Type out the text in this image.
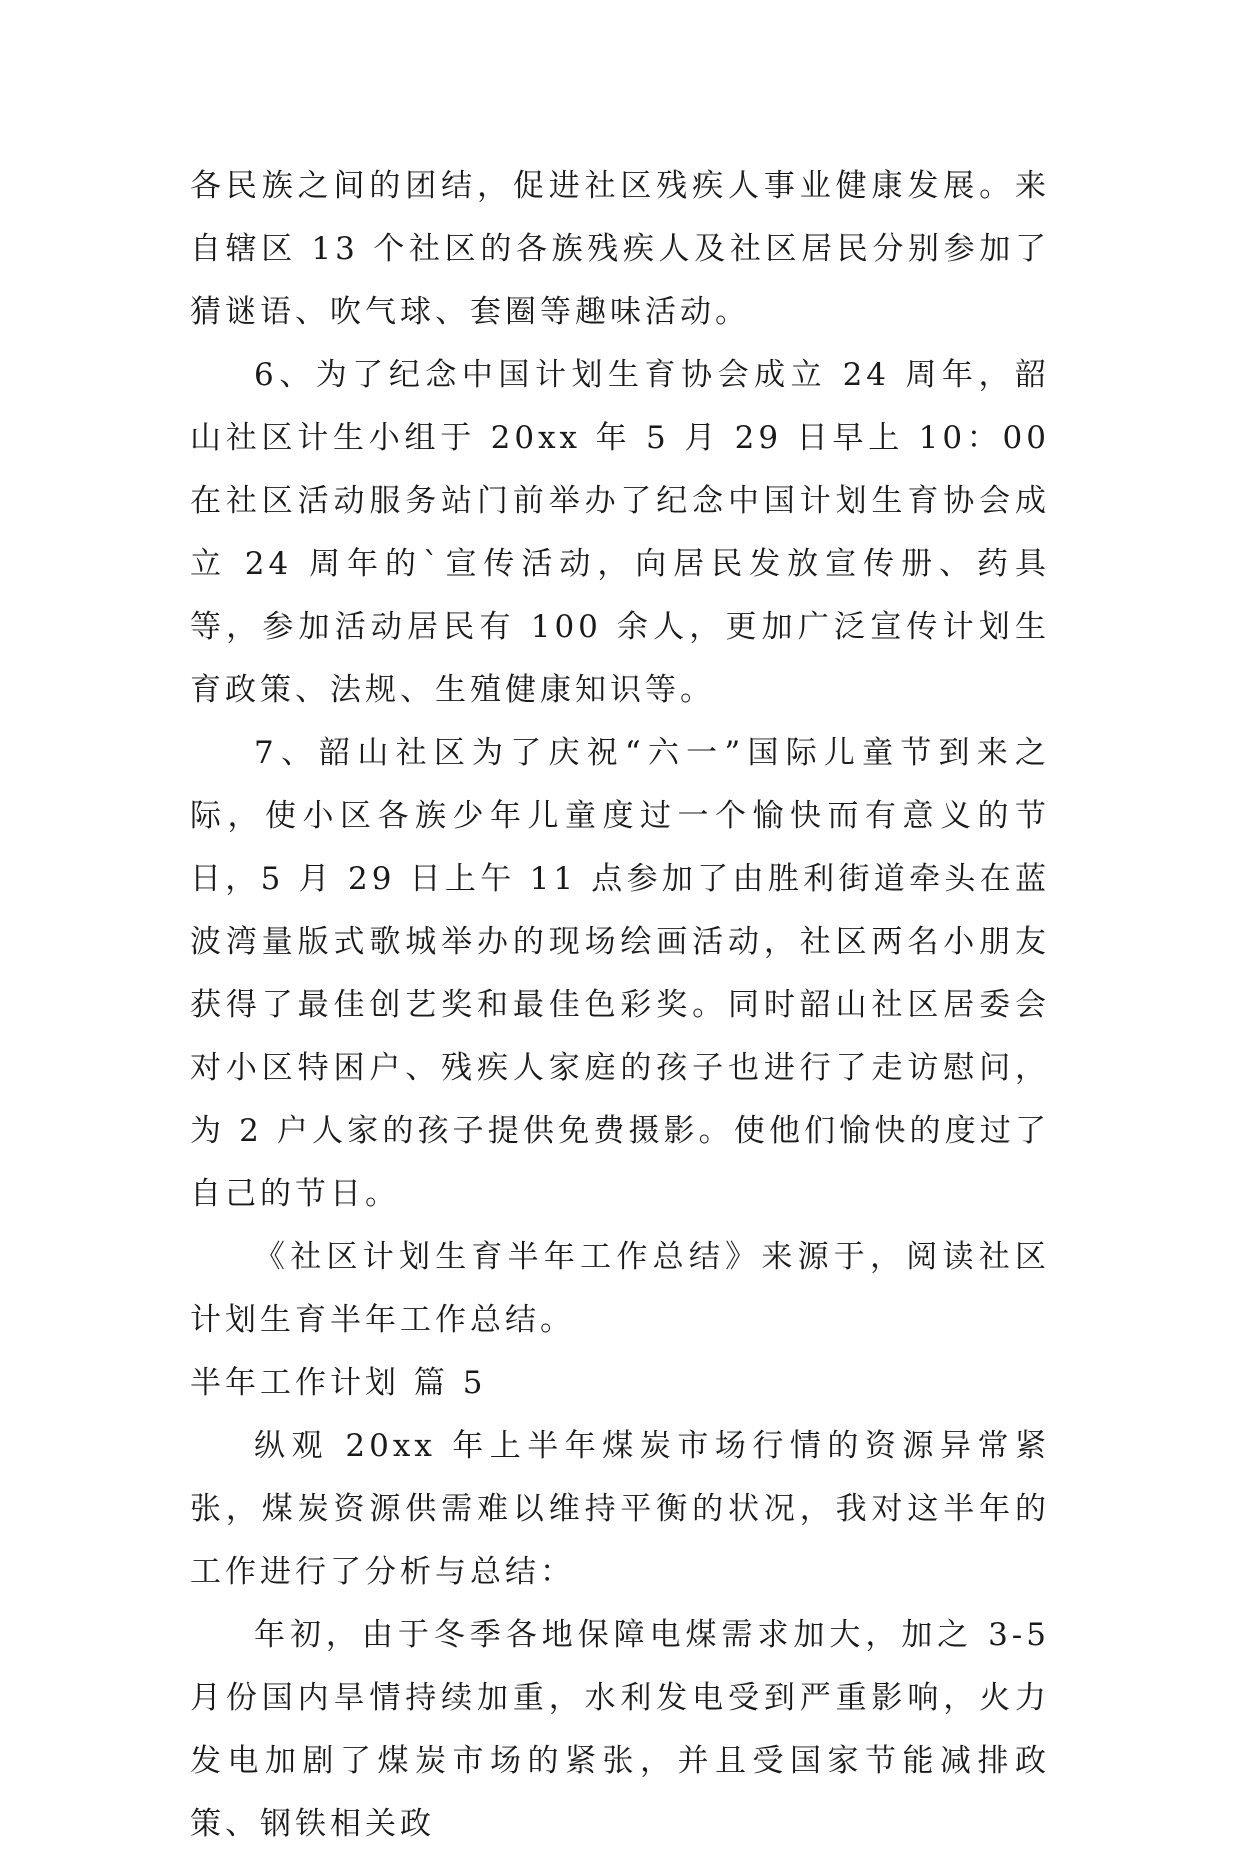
各民族之间的团结，促进社区残疾人事业健康发展。来自辖区 13 个社区的各族残疾人及社区居民分别参加了猜谜语、吹气球、套圈等趣味活动。

6、为了纪念中国计划生育协会成立 24 周年，韶山社区计生小组于 20xx 年 5 月 29 日早上 10：00 在社区活动服务站门前举办了纪念中国计划生育协会成立 24 周年的`宣传活动，向居民发放宣传册、药具等，参加活动居民有 100 余人，更加广泛宣传计划生育政策、法规、生殖健康知识等。

7、韶山社区为了庆祝“六一”国际儿童节到来之际，使小区各族少年儿童度过一个愉快而有意义的节日，5 月 29 日上午 11 点参加了由胜利街道牵头在蓝波湾量版式歌城举办的现场绘画活动，社区两名小朋友获得了最佳创艺奖和最佳色彩奖。同时韶山社区居委会对小区特困户、残疾人家庭的孩子也进行了走访慰问，为 2 户人家的孩子提供免费摄影。使他们愉快的度过了自己的节日。

《社区计划生育半年工作总结》来源于，阅读社区计划生育半年工作总结。

半年工作计划 篇 5

纵观 20xx 年上半年煤炭市场行情的资源异常紧张，煤炭资源供需难以维持平衡的状况，我对这半年的工作进行了分析与总结：

年初，由于冬季各地保障电煤需求加大，加之 3-5 月份国内旱情持续加重，水利发电受到严重影响，火力发电加剧了煤炭市场的紧张，并且受国家节能减排政策、钢铁相关政
